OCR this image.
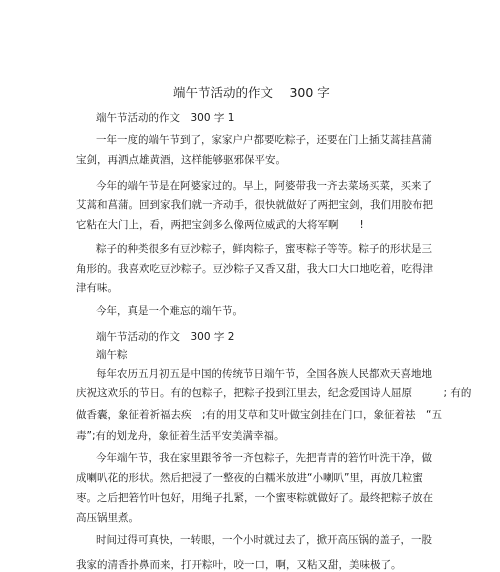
端午节活动的作文　 300 字
端午节活动的作文　300 字 1
一年一度的端午节到了，家家户户都要吃粽子，还要在门上插艾蒿挂菖蒲
宝剑，再洒点雄黄酒，这样能够驱邪保平安。
今年的端午节是在阿婆家过的。早上，阿婆带我一齐去菜场买菜，买来了
艾蒿和菖蒲。回到家我们就一齐动手，很快就做好了两把宝剑，我们用胶布把
它粘在大门上，看，两把宝剑多么像两位威武的大将军啊　　!
粽子的种类很多有豆沙粽子，鲜肉粽子，蜜枣粽子等等。粽子的形状是三
角形的。我喜欢吃豆沙粽子。豆沙粽子又香又甜，我大口大口地吃着，吃得津
津有味。
今年，真是一个难忘的端午节。
端午节活动的作文　300 字 2
端午粽
每年农历五月初五是中国的传统节日端午节，全国各族人民都欢天喜地地
庆祝这欢乐的节日。有的包粽子，把粽子投到江里去，纪念爱国诗人屈原　　　; 有的
做香囊，象征着祈福去疾　;有的用艾草和艾叶做宝剑挂在门口，象征着祛　“五
毒”;有的划龙舟，象征着生活平安美满幸福。
今年端午节，我在家里跟爷爷一齐包粽子，先把青青的箬竹叶洗干净，做
成喇叭花的形状。然后把浸了一整夜的白糯米放进“小喇叭”里，再放几粒蜜
枣。之后把箬竹叶包好，用绳子扎紧，一个蜜枣粽就做好了。最终把粽子放在
高压锅里煮。
时间过得可真快，一转眼，一个小时就过去了，掀开高压锅的盖子，一股
我家的清香扑鼻而来，打开粽叶，咬一口，啊，又粘又甜，美味极了。
